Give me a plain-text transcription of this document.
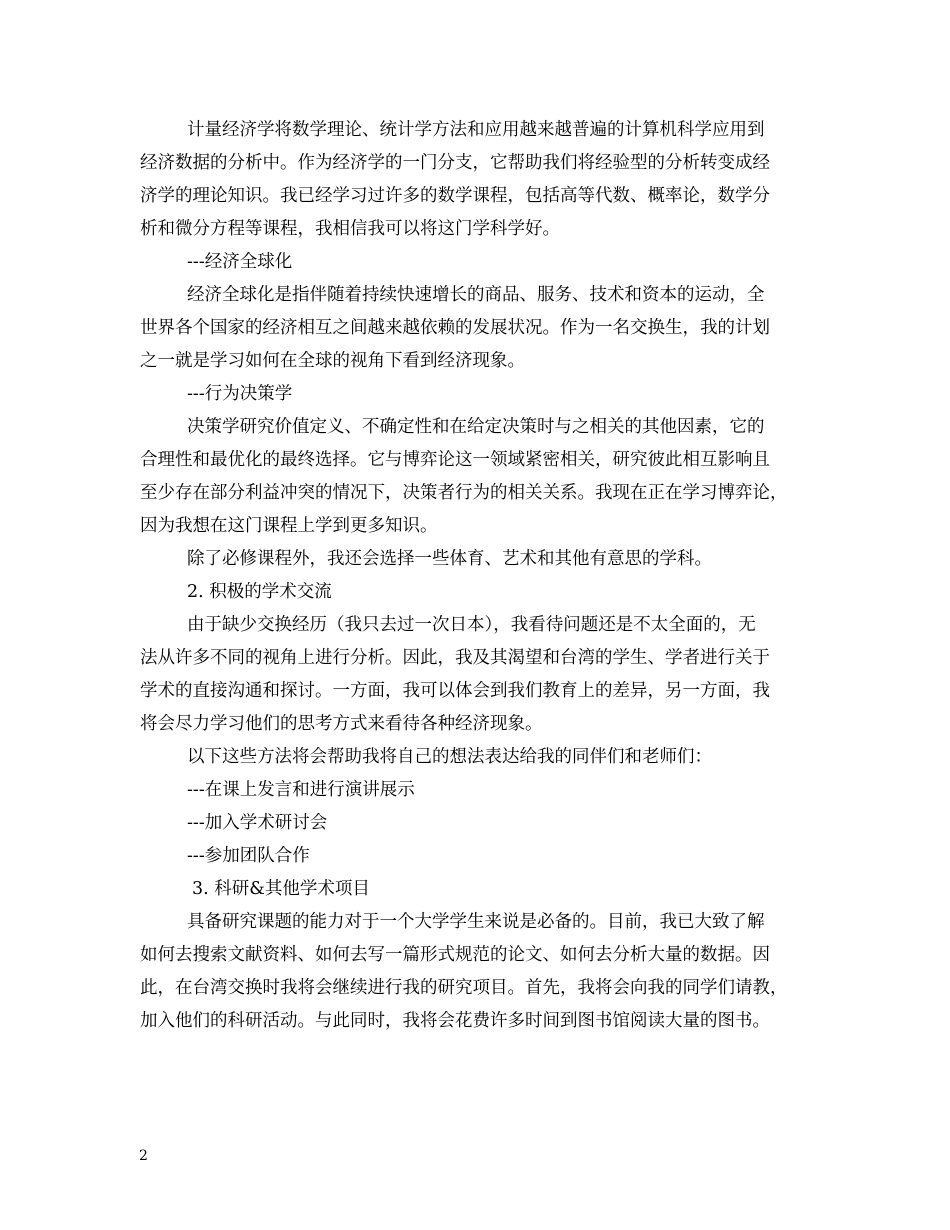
计量经济学将数学理论、统计学方法和应用越来越普遍的计算机科学应用到
经济数据的分析中。作为经济学的一门分支，它帮助我们将经验型的分析转变成经
济学的理论知识。我已经学习过许多的数学课程，包括高等代数、概率论，数学分
析和微分方程等课程，我相信我可以将这门学科学好。
---经济全球化
经济全球化是指伴随着持续快速增长的商品、服务、技术和资本的运动，全
世界各个国家的经济相互之间越来越依赖的发展状况。作为一名交换生，我的计划
之一就是学习如何在全球的视角下看到经济现象。
---行为决策学
决策学研究价值定义、不确定性和在给定决策时与之相关的其他因素，它的
合理性和最优化的最终选择。它与博弈论这一领域紧密相关，研究彼此相互影响且
至少存在部分利益冲突的情况下，决策者行为的相关关系。我现在正在学习博弈论，
因为我想在这门课程上学到更多知识。
除了必修课程外，我还会选择一些体育、艺术和其他有意思的学科。
2. 积极的学术交流
由于缺少交换经历（我只去过一次日本），我看待问题还是不太全面的，无
法从许多不同的视角上进行分析。因此，我及其渴望和台湾的学生、学者进行关于
学术的直接沟通和探讨。一方面，我可以体会到我们教育上的差异，另一方面，我
将会尽力学习他们的思考方式来看待各种经济现象。
以下这些方法将会帮助我将自己的想法表达给我的同伴们和老师们：
---在课上发言和进行演讲展示
---加入学术研讨会
---参加团队合作
3. 科研&其他学术项目
具备研究课题的能力对于一个大学学生来说是必备的。目前，我已大致了解
如何去搜索文献资料、如何去写一篇形式规范的论文、如何去分析大量的数据。因
此，在台湾交换时我将会继续进行我的研究项目。首先，我将会向我的同学们请教，
加入他们的科研活动。与此同时，我将会花费许多时间到图书馆阅读大量的图书。
2
